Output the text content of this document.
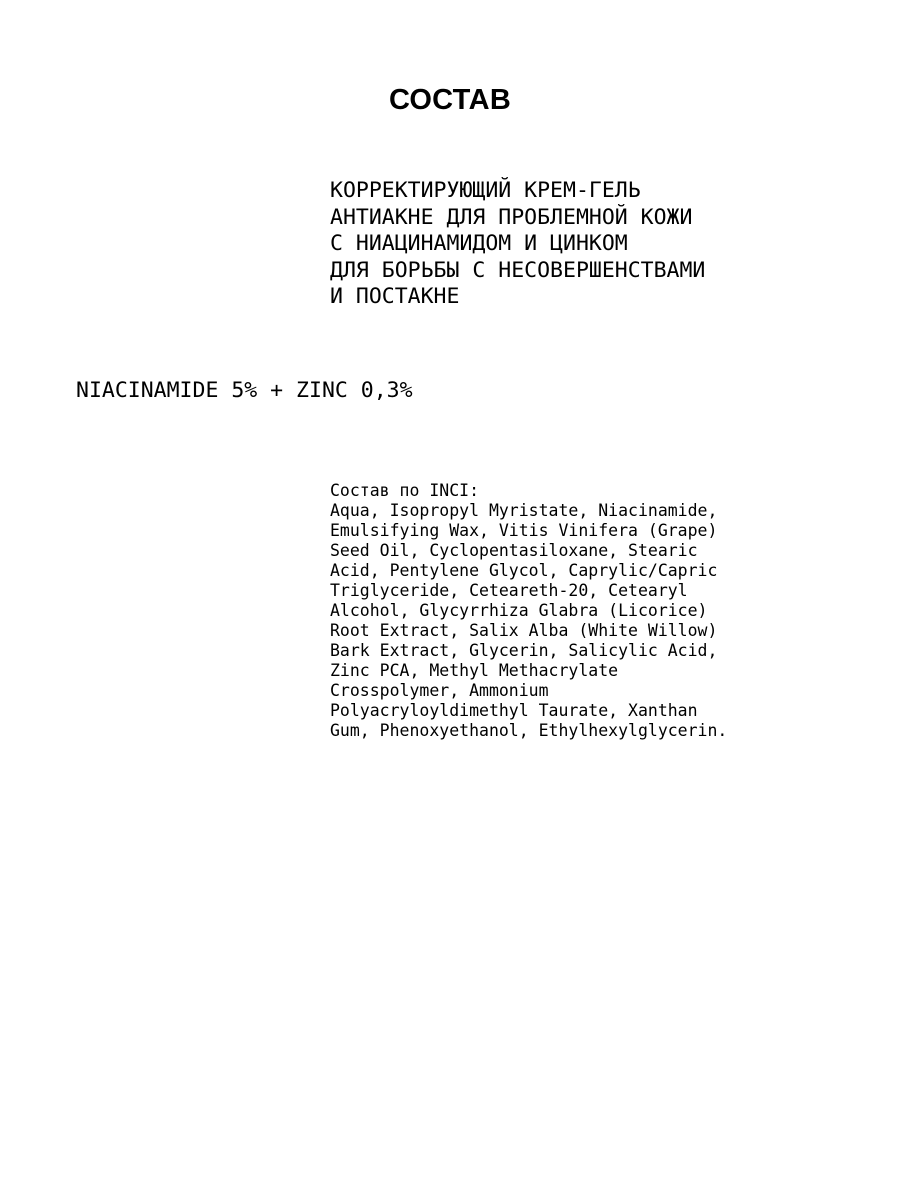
СОСТАВ

КОРРЕКТИРУЮЩИЙ КРЕМ-ГЕЛЬ
АНТИАКНЕ ДЛЯ ПРОБЛЕМНОЙ КОЖИ
С НИАЦИНАМИДОМ И ЦИНКОМ
ДЛЯ БОРЬБЫ С НЕСОВЕРШЕНСТВАМИ
И ПОСТАКНЕ

NIACINAMIDE 5% + ZINC 0,3%

Состав по INCI:
Aqua, Isopropyl Myristate, Niacinamide,
Emulsifying Wax, Vitis Vinifera (Grape)
Seed Oil, Cyclopentasiloxane, Stearic
Acid, Pentylene Glycol, Caprylic/Capric
Triglyceride, Ceteareth-20, Cetearyl
Alcohol, Glycyrrhiza Glabra (Licorice)
Root Extract, Salix Alba (White Willow)
Bark Extract, Glycerin, Salicylic Acid,
Zinc PCA, Methyl Methacrylate
Crosspolymer, Ammonium
Polyacryloyldimethyl Taurate, Xanthan
Gum, Phenoxyethanol, Ethylhexylglycerin.
